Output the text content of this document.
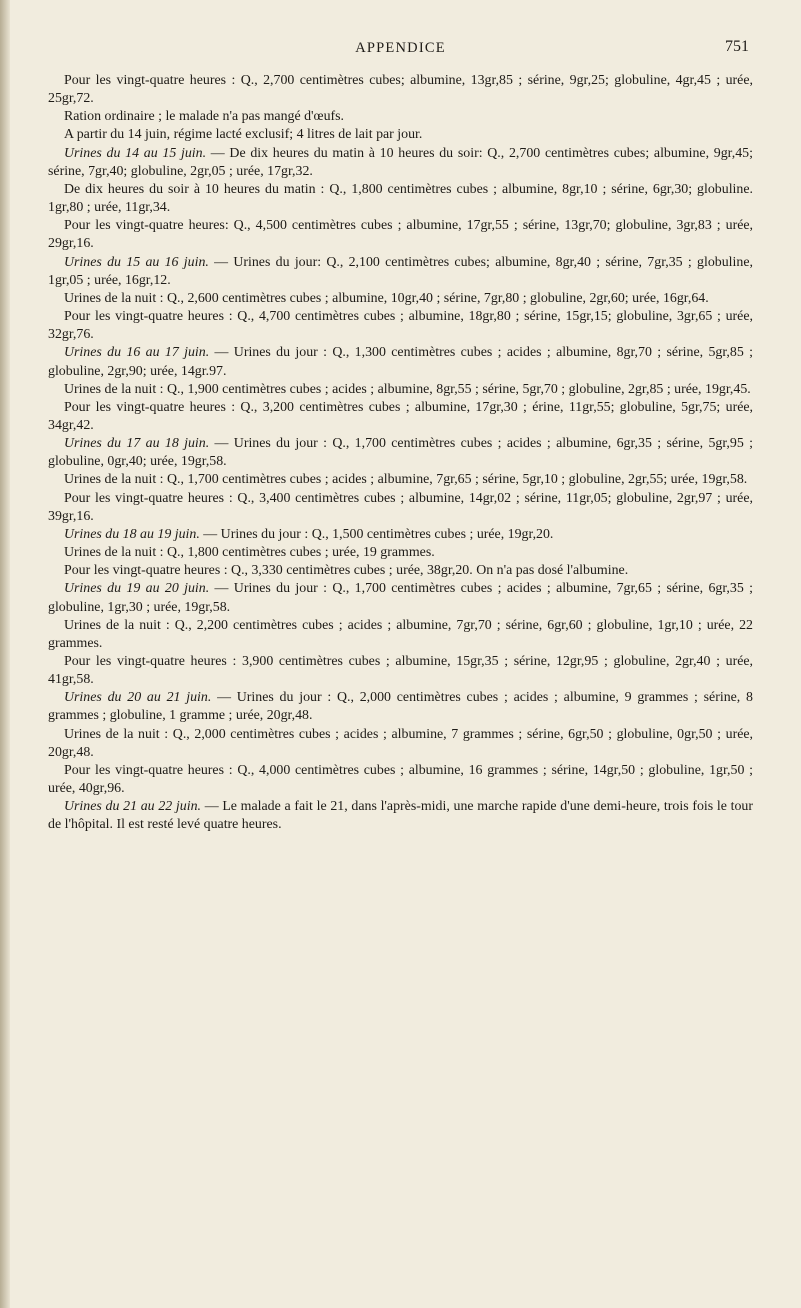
APPENDICE	751

Pour les vingt-quatre heures : Q., 2,700 centimètres cubes; albumine, 13gr,85 ; sérine, 9gr,25; globuline, 4gr,45 ; urée, 25gr,72.

Ration ordinaire ; le malade n'a pas mangé d'œufs.

A partir du 14 juin, régime lacté exclusif; 4 litres de lait par jour.

Urines du 14 au 15 juin. — De dix heures du matin à 10 heures du soir: Q., 2,700 centimètres cubes; albumine, 9gr,45; sérine, 7gr,40; globuline, 2gr,05 ; urée, 17gr,32.

De dix heures du soir à 10 heures du matin : Q., 1,800 centimètres cubes ; albumine, 8gr,10 ; sérine, 6gr,30; globuline. 1gr,80 ; urée, 11gr,34.

Pour les vingt-quatre heures: Q., 4,500 centimètres cubes ; albumine, 17gr,55 ; sérine, 13gr,70; globuline, 3gr,83 ; urée, 29gr,16.

Urines du 15 au 16 juin. — Urines du jour: Q., 2,100 centimètres cubes; albumine, 8gr,40 ; sérine, 7gr,35 ; globuline, 1gr,05 ; urée, 16gr,12.

Urines de la nuit : Q., 2,600 centimètres cubes ; albumine, 10gr,40 ; sérine, 7gr,80 ; globuline, 2gr,60; urée, 16gr,64.

Pour les vingt-quatre heures : Q., 4,700 centimètres cubes ; albumine, 18gr,80 ; sérine, 15gr,15; globuline, 3gr,65 ; urée, 32gr,76.

Urines du 16 au 17 juin. — Urines du jour : Q., 1,300 centimètres cubes ; acides ; albumine, 8gr,70 ; sérine, 5gr,85 ; globuline, 2gr,90; urée, 14gr.97.

Urines de la nuit : Q., 1,900 centimètres cubes ; acides ; albumine, 8gr,55 ; sérine, 5gr,70 ; globuline, 2gr,85 ; urée, 19gr,45.

Pour les vingt-quatre heures : Q., 3,200 centimètres cubes ; albumine, 17gr,30 ; érine, 11gr,55; globuline, 5gr,75; urée, 34gr,42.

Urines du 17 au 18 juin. — Urines du jour : Q., 1,700 centimètres cubes ; acides ; albumine, 6gr,35 ; sérine, 5gr,95 ; globuline, 0gr,40; urée, 19gr,58.

Urines de la nuit : Q., 1,700 centimètres cubes ; acides ; albumine, 7gr,65 ; sérine, 5gr,10 ; globuline, 2gr,55; urée, 19gr,58.

Pour les vingt-quatre heures : Q., 3,400 centimètres cubes ; albumine, 14gr,02 ; sérine, 11gr,05; globuline, 2gr,97 ; urée, 39gr,16.

Urines du 18 au 19 juin. — Urines du jour : Q., 1,500 centimètres cubes ; urée, 19gr,20.

Urines de la nuit : Q., 1,800 centimètres cubes ; urée, 19 grammes.

Pour les vingt-quatre heures : Q., 3,330 centimètres cubes ; urée, 38gr,20. On n'a pas dosé l'albumine.

Urines du 19 au 20 juin. — Urines du jour : Q., 1,700 centimètres cubes ; acides ; albumine, 7gr,65 ; sérine, 6gr,35 ; globuline, 1gr,30 ; urée, 19gr,58.

Urines de la nuit : Q., 2,200 centimètres cubes ; acides ; albumine, 7gr,70 ; sérine, 6gr,60 ; globuline, 1gr,10 ; urée, 22 grammes.

Pour les vingt-quatre heures : 3,900 centimètres cubes ; albumine, 15gr,35 ; sérine, 12gr,95 ; globuline, 2gr,40 ; urée, 41gr,58.

Urines du 20 au 21 juin. — Urines du jour : Q., 2,000 centimètres cubes ; acides ; albumine, 9 grammes ; sérine, 8 grammes ; globuline, 1 gramme ; urée, 20gr,48.

Urines de la nuit : Q., 2,000 centimètres cubes ; acides ; albumine, 7 grammes ; sérine, 6gr,50 ; globuline, 0gr,50 ; urée, 20gr,48.

Pour les vingt-quatre heures : Q., 4,000 centimètres cubes ; albumine, 16 grammes ; sérine, 14gr,50 ; globuline, 1gr,50 ; urée, 40gr,96.

Urines du 21 au 22 juin. — Le malade a fait le 21, dans l'après-midi, une marche rapide d'une demi-heure, trois fois le tour de l'hôpital. Il est resté levé quatre heures.
